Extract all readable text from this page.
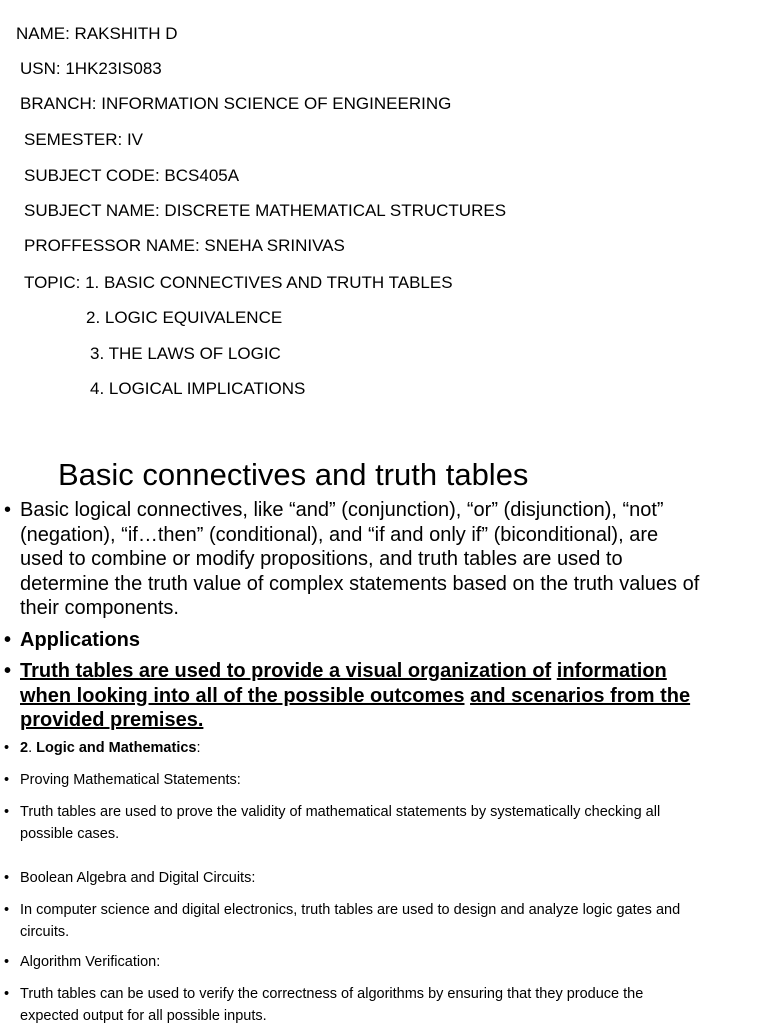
NAME: RAKSHITH D
USN: 1HK23IS083
BRANCH: INFORMATION SCIENCE OF ENGINEERING
SEMESTER: IV
SUBJECT CODE: BCS405A
SUBJECT NAME: DISCRETE MATHEMATICAL STRUCTURES
PROFFESSOR NAME: SNEHA SRINIVAS
TOPIC: 1. BASIC CONNECTIVES AND TRUTH TABLES
2. LOGIC EQUIVALENCE
3. THE LAWS OF LOGIC
4. LOGICAL IMPLICATIONS
Basic connectives and truth tables
• Basic logical connectives, like “and” (conjunction), “or” (disjunction), “not” (negation), “if…then” (conditional), and “if and only if” (biconditional), are used to combine or modify propositions, and truth tables are used to determine the truth value of complex statements based on the truth values of their components.
• Applications
• Truth tables are used to provide a visual organization of information when looking into all of the possible outcomes and scenarios from the provided premises.
• 2. Logic and Mathematics:
• Proving Mathematical Statements:
• Truth tables are used to prove the validity of mathematical statements by systematically checking all possible cases.
• Boolean Algebra and Digital Circuits:
• In computer science and digital electronics, truth tables are used to design and analyze logic gates and circuits.
• Algorithm Verification:
• Truth tables can be used to verify the correctness of algorithms by ensuring that they produce the expected output for all possible inputs.
